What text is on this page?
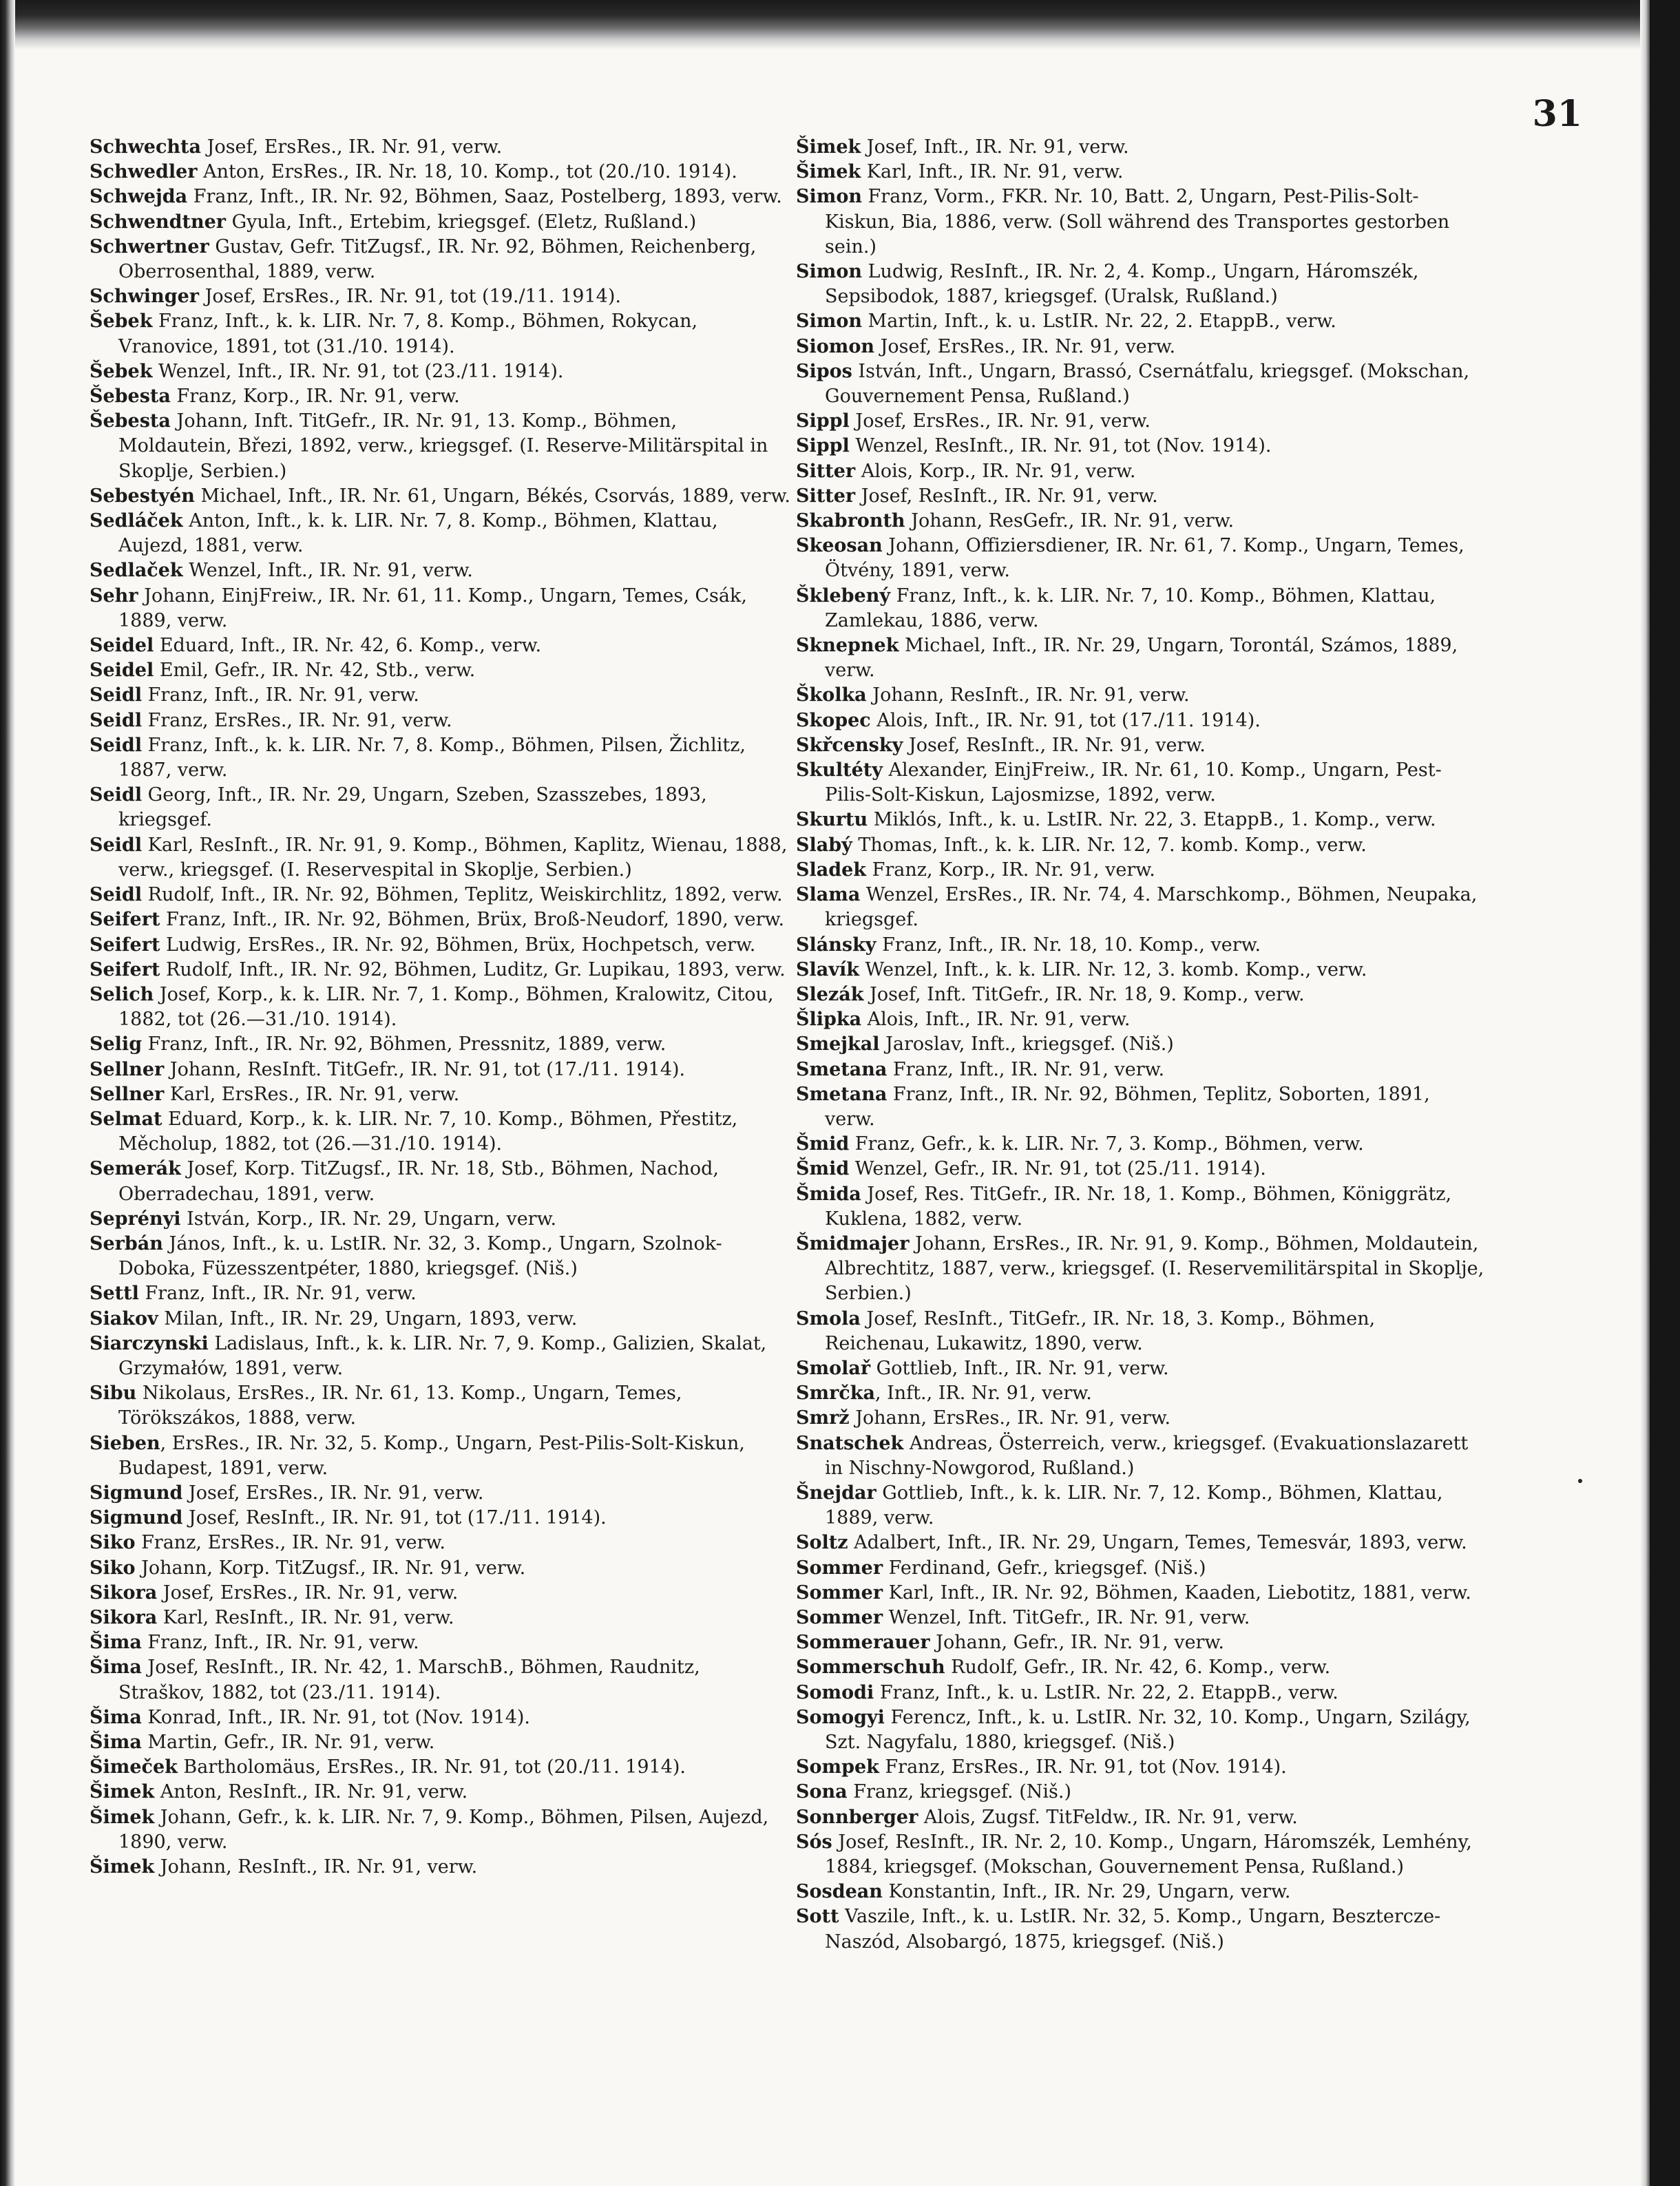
31

Schwechta Josef, ErsRes., IR. Nr. 91, verw.

Schwedler Anton, ErsRes., IR. Nr. 18, 10. Komp., tot (20./10. 1914).

Schwejda Franz, Inft., IR. Nr. 92, Böhmen, Saaz, Postelberg, 1893, verw.

Schwendtner Gyula, Inft., Ertebim, kriegsgef. (Eletz, Rußland.)

Schwertner Gustav, Gefr. TitZugsf., IR. Nr. 92, Böhmen, Reichenberg, Oberrosenthal, 1889, verw.

Schwinger Josef, ErsRes., IR. Nr. 91, tot (19./11. 1914).

Šebek Franz, Inft., k. k. LIR. Nr. 7, 8. Komp., Böhmen, Rokycan, Vranovice, 1891, tot (31./10. 1914).

Šebek Wenzel, Inft., IR. Nr. 91, tot (23./11. 1914).

Šebesta Franz, Korp., IR. Nr. 91, verw.

Šebesta Johann, Inft. TitGefr., IR. Nr. 91, 13. Komp., Böhmen, Moldautein, Březi, 1892, verw., kriegsgef. (I. Reserve-Militärspital in Skoplje, Serbien.)

Sebestyén Michael, Inft., IR. Nr. 61, Ungarn, Békés, Csorvás, 1889, verw.

Sedláček Anton, Inft., k. k. LIR. Nr. 7, 8. Komp., Böhmen, Klattau, Aujezd, 1881, verw.

Sedlaček Wenzel, Inft., IR. Nr. 91, verw.

Sehr Johann, EinjFreiw., IR. Nr. 61, 11. Komp., Ungarn, Temes, Csák, 1889, verw.

Seidel Eduard, Inft., IR. Nr. 42, 6. Komp., verw.

Seidel Emil, Gefr., IR. Nr. 42, Stb., verw.

Seidl Franz, Inft., IR. Nr. 91, verw.

Seidl Franz, ErsRes., IR. Nr. 91, verw.

Seidl Franz, Inft., k. k. LIR. Nr. 7, 8. Komp., Böhmen, Pilsen, Žichlitz, 1887, verw.

Seidl Georg, Inft., IR. Nr. 29, Ungarn, Szeben, Szasszebes, 1893, kriegsgef.

Seidl Karl, ResInft., IR. Nr. 91, 9. Komp., Böhmen, Kaplitz, Wienau, 1888, verw., kriegsgef. (I. Reservespital in Skoplje, Serbien.)

Seidl Rudolf, Inft., IR. Nr. 92, Böhmen, Teplitz, Weiskirchlitz, 1892, verw.

Seifert Franz, Inft., IR. Nr. 92, Böhmen, Brüx, Broß-Neudorf, 1890, verw.

Seifert Ludwig, ErsRes., IR. Nr. 92, Böhmen, Brüx, Hochpetsch, verw.

Seifert Rudolf, Inft., IR. Nr. 92, Böhmen, Luditz, Gr. Lupikau, 1893, verw.

Selich Josef, Korp., k. k. LIR. Nr. 7, 1. Komp., Böhmen, Kralowitz, Citou, 1882, tot (26.—31./10. 1914).

Selig Franz, Inft., IR. Nr. 92, Böhmen, Pressnitz, 1889, verw.

Sellner Johann, ResInft. TitGefr., IR. Nr. 91, tot (17./11. 1914).

Sellner Karl, ErsRes., IR. Nr. 91, verw.

Selmat Eduard, Korp., k. k. LIR. Nr. 7, 10. Komp., Böhmen, Přestitz, Měcholup, 1882, tot (26.—31./10. 1914).

Semerák Josef, Korp. TitZugsf., IR. Nr. 18, Stb., Böhmen, Nachod, Oberradechau, 1891, verw.

Seprényi István, Korp., IR. Nr. 29, Ungarn, verw.

Serbán János, Inft., k. u. LstIR. Nr. 32, 3. Komp., Ungarn, Szolnok-Doboka, Füzesszentpéter, 1880, kriegsgef. (Niš.)

Settl Franz, Inft., IR. Nr. 91, verw.

Siakov Milan, Inft., IR. Nr. 29, Ungarn, 1893, verw.

Siarczynski Ladislaus, Inft., k. k. LIR. Nr. 7, 9. Komp., Galizien, Skalat, Grzymałów, 1891, verw.

Sibu Nikolaus, ErsRes., IR. Nr. 61, 13. Komp., Ungarn, Temes, Törökszákos, 1888, verw.

Sieben, ErsRes., IR. Nr. 32, 5. Komp., Ungarn, Pest-Pilis-Solt-Kiskun, Budapest, 1891, verw.

Sigmund Josef, ErsRes., IR. Nr. 91, verw.

Sigmund Josef, ResInft., IR. Nr. 91, tot (17./11. 1914).

Siko Franz, ErsRes., IR. Nr. 91, verw.

Siko Johann, Korp. TitZugsf., IR. Nr. 91, verw.

Sikora Josef, ErsRes., IR. Nr. 91, verw.

Sikora Karl, ResInft., IR. Nr. 91, verw.

Šima Franz, Inft., IR. Nr. 91, verw.

Šima Josef, ResInft., IR. Nr. 42, 1. MarschB., Böhmen, Raudnitz, Straškov, 1882, tot (23./11. 1914).

Šima Konrad, Inft., IR. Nr. 91, tot (Nov. 1914).

Šima Martin, Gefr., IR. Nr. 91, verw.

Šimeček Bartholomäus, ErsRes., IR. Nr. 91, tot (20./11. 1914).

Šimek Anton, ResInft., IR. Nr. 91, verw.

Šimek Johann, Gefr., k. k. LIR. Nr. 7, 9. Komp., Böhmen, Pilsen, Aujezd, 1890, verw.

Šimek Johann, ResInft., IR. Nr. 91, verw.

Šimek Josef, Inft., IR. Nr. 91, verw.

Šimek Karl, Inft., IR. Nr. 91, verw.

Simon Franz, Vorm., FKR. Nr. 10, Batt. 2, Ungarn, Pest-Pilis-Solt-Kiskun, Bia, 1886, verw. (Soll während des Transportes gestorben sein.)

Simon Ludwig, ResInft., IR. Nr. 2, 4. Komp., Ungarn, Háromszék, Sepsibodok, 1887, kriegsgef. (Uralsk, Rußland.)

Simon Martin, Inft., k. u. LstIR. Nr. 22, 2. EtappB., verw.

Siomon Josef, ErsRes., IR. Nr. 91, verw.

Sipos István, Inft., Ungarn, Brassó, Csernátfalu, kriegsgef. (Mokschan, Gouvernement Pensa, Rußland.)

Sippl Josef, ErsRes., IR. Nr. 91, verw.

Sippl Wenzel, ResInft., IR. Nr. 91, tot (Nov. 1914).

Sitter Alois, Korp., IR. Nr. 91, verw.

Sitter Josef, ResInft., IR. Nr. 91, verw.

Skabronth Johann, ResGefr., IR. Nr. 91, verw.

Skeosan Johann, Offiziersdiener, IR. Nr. 61, 7. Komp., Ungarn, Temes, Ötvény, 1891, verw.

Šklebený Franz, Inft., k. k. LIR. Nr. 7, 10. Komp., Böhmen, Klattau, Zamlekau, 1886, verw.

Sknepnek Michael, Inft., IR. Nr. 29, Ungarn, Torontál, Számos, 1889, verw.

Školka Johann, ResInft., IR. Nr. 91, verw.

Skopec Alois, Inft., IR. Nr. 91, tot (17./11. 1914).

Skřcensky Josef, ResInft., IR. Nr. 91, verw.

Skultéty Alexander, EinjFreiw., IR. Nr. 61, 10. Komp., Ungarn, Pest-Pilis-Solt-Kiskun, Lajosmizse, 1892, verw.

Skurtu Miklós, Inft., k. u. LstIR. Nr. 22, 3. EtappB., 1. Komp., verw.

Slabý Thomas, Inft., k. k. LIR. Nr. 12, 7. komb. Komp., verw.

Sladek Franz, Korp., IR. Nr. 91, verw.

Slama Wenzel, ErsRes., IR. Nr. 74, 4. Marschkomp., Böhmen, Neupaka, kriegsgef.

Slánsky Franz, Inft., IR. Nr. 18, 10. Komp., verw.

Slavík Wenzel, Inft., k. k. LIR. Nr. 12, 3. komb. Komp., verw.

Slezák Josef, Inft. TitGefr., IR. Nr. 18, 9. Komp., verw.

Šlipka Alois, Inft., IR. Nr. 91, verw.

Smejkal Jaroslav, Inft., kriegsgef. (Niš.)

Smetana Franz, Inft., IR. Nr. 91, verw.

Smetana Franz, Inft., IR. Nr. 92, Böhmen, Teplitz, Soborten, 1891, verw.

Šmid Franz, Gefr., k. k. LIR. Nr. 7, 3. Komp., Böhmen, verw.

Šmid Wenzel, Gefr., IR. Nr. 91, tot (25./11. 1914).

Šmida Josef, Res. TitGefr., IR. Nr. 18, 1. Komp., Böhmen, Königgrätz, Kuklena, 1882, verw.

Šmidmajer Johann, ErsRes., IR. Nr. 91, 9. Komp., Böhmen, Moldautein, Albrechtitz, 1887, verw., kriegsgef. (I. Reservemilitärspital in Skoplje, Serbien.)

Smola Josef, ResInft., TitGefr., IR. Nr. 18, 3. Komp., Böhmen, Reichenau, Lukawitz, 1890, verw.

Smolař Gottlieb, Inft., IR. Nr. 91, verw.

Smrčka, Inft., IR. Nr. 91, verw.

Smrž Johann, ErsRes., IR. Nr. 91, verw.

Snatschek Andreas, Österreich, verw., kriegsgef. (Evakuationslazarett in Nischny-Nowgorod, Rußland.)

Šnejdar Gottlieb, Inft., k. k. LIR. Nr. 7, 12. Komp., Böhmen, Klattau, 1889, verw.

Soltz Adalbert, Inft., IR. Nr. 29, Ungarn, Temes, Temesvár, 1893, verw.

Sommer Ferdinand, Gefr., kriegsgef. (Niš.)

Sommer Karl, Inft., IR. Nr. 92, Böhmen, Kaaden, Liebotitz, 1881, verw.

Sommer Wenzel, Inft. TitGefr., IR. Nr. 91, verw.

Sommerauer Johann, Gefr., IR. Nr. 91, verw.

Sommerschuh Rudolf, Gefr., IR. Nr. 42, 6. Komp., verw.

Somodi Franz, Inft., k. u. LstIR. Nr. 22, 2. EtappB., verw.

Somogyi Ferencz, Inft., k. u. LstIR. Nr. 32, 10. Komp., Ungarn, Szilágy, Szt. Nagyfalu, 1880, kriegsgef. (Niš.)

Sompek Franz, ErsRes., IR. Nr. 91, tot (Nov. 1914).

Sona Franz, kriegsgef. (Niš.)

Sonnberger Alois, Zugsf. TitFeldw., IR. Nr. 91, verw.

Sós Josef, ResInft., IR. Nr. 2, 10. Komp., Ungarn, Háromszék, Lemhény, 1884, kriegsgef. (Mokschan, Gouvernement Pensa, Rußland.)

Sosdean Konstantin, Inft., IR. Nr. 29, Ungarn, verw.

Sott Vaszile, Inft., k. u. LstIR. Nr. 32, 5. Komp., Ungarn, Besztercze-Naszód, Alsobargó, 1875, kriegsgef. (Niš.)
